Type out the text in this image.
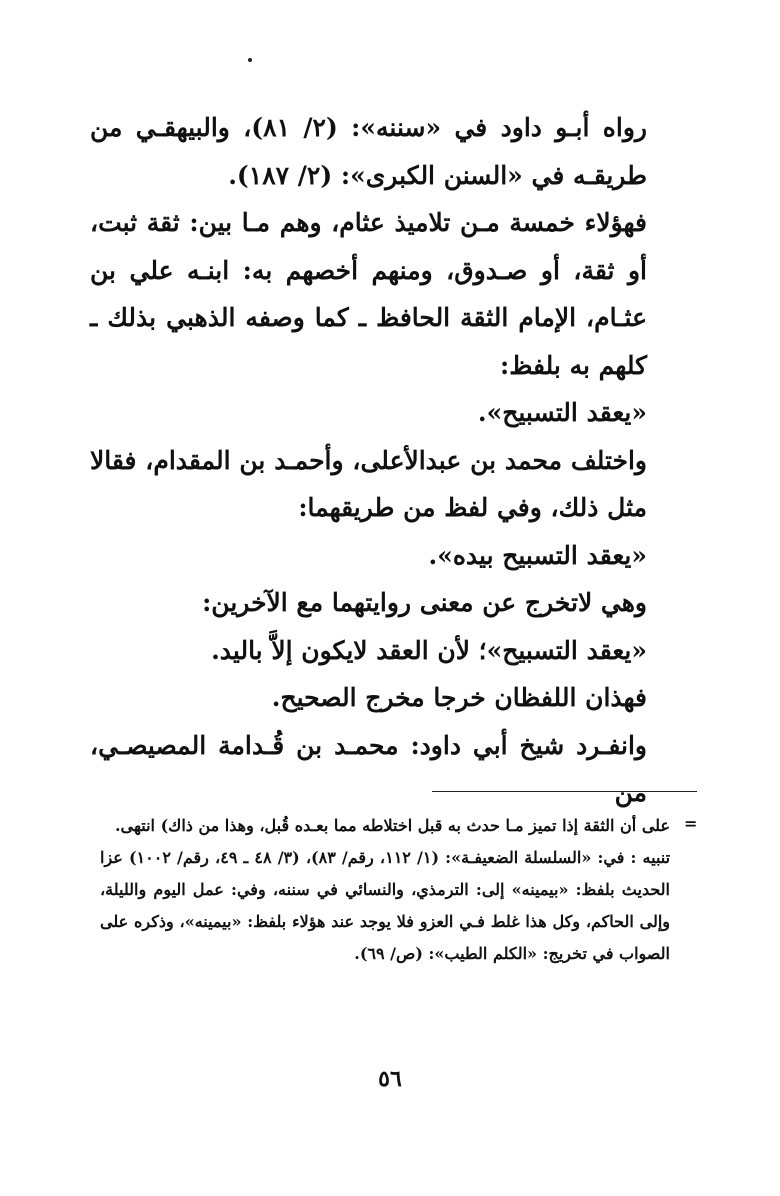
رواه أبـو داود في «سننه»: (٢/ ٨١)، والبيهقـي من طريقـه في «السنن الكبرى»: (٢/ ١٨٧).

فهؤلاء خمسة مـن تلاميذ عثام، وهم مـا بين: ثقة ثبت، أو ثقة، أو صـدوق، ومنهم أخصهم به: ابنـه علي بن عثـام، الإمام الثقة الحافظ ـ كما وصفه الذهبي بذلك ـ كلهم به بلفظ:

«يعقد التسبيح».

واختلف محمد بن عبدالأعلى، وأحمـد بن المقدام، فقالا مثل ذلك، وفي لفظ من طريقهما:

«يعقد التسبيح بيده».

وهي لاتخرج عن معنى روايتهما مع الآخرين:

«يعقد التسبيح»؛ لأن العقد لايكون إلاَّ باليد.

فهذان اللفظان خرجا مخرج الصحيح.

وانفـرد شيخ أبي داود: محمـد بن قُـدامة المصيصـي، من

=

على أن الثقة إذا تميز مـا حدث به قبل اختلاطه مما بعـده قُبل، وهذا من ذاك) انتهى.

تنبيه : في: «السلسلة الضعيفـة»: (١/ ١١٢، رقم/ ٨٣)، (٣/ ٤٨ ـ ٤٩، رقم/ ١٠٠٢) عزا الحديث بلفظ: «بيمينه» إلى: الترمذي، والنسائي في سننه، وفي: عمل اليوم والليلة، وإلى الحاكم، وكل هذا غلط فـي العزو فلا يوجد عند هؤلاء بلفظ: «بيمينه»، وذكره على الصواب في تخريج: «الكلم الطيب»: (ص/ ٦٩).

٥٦
